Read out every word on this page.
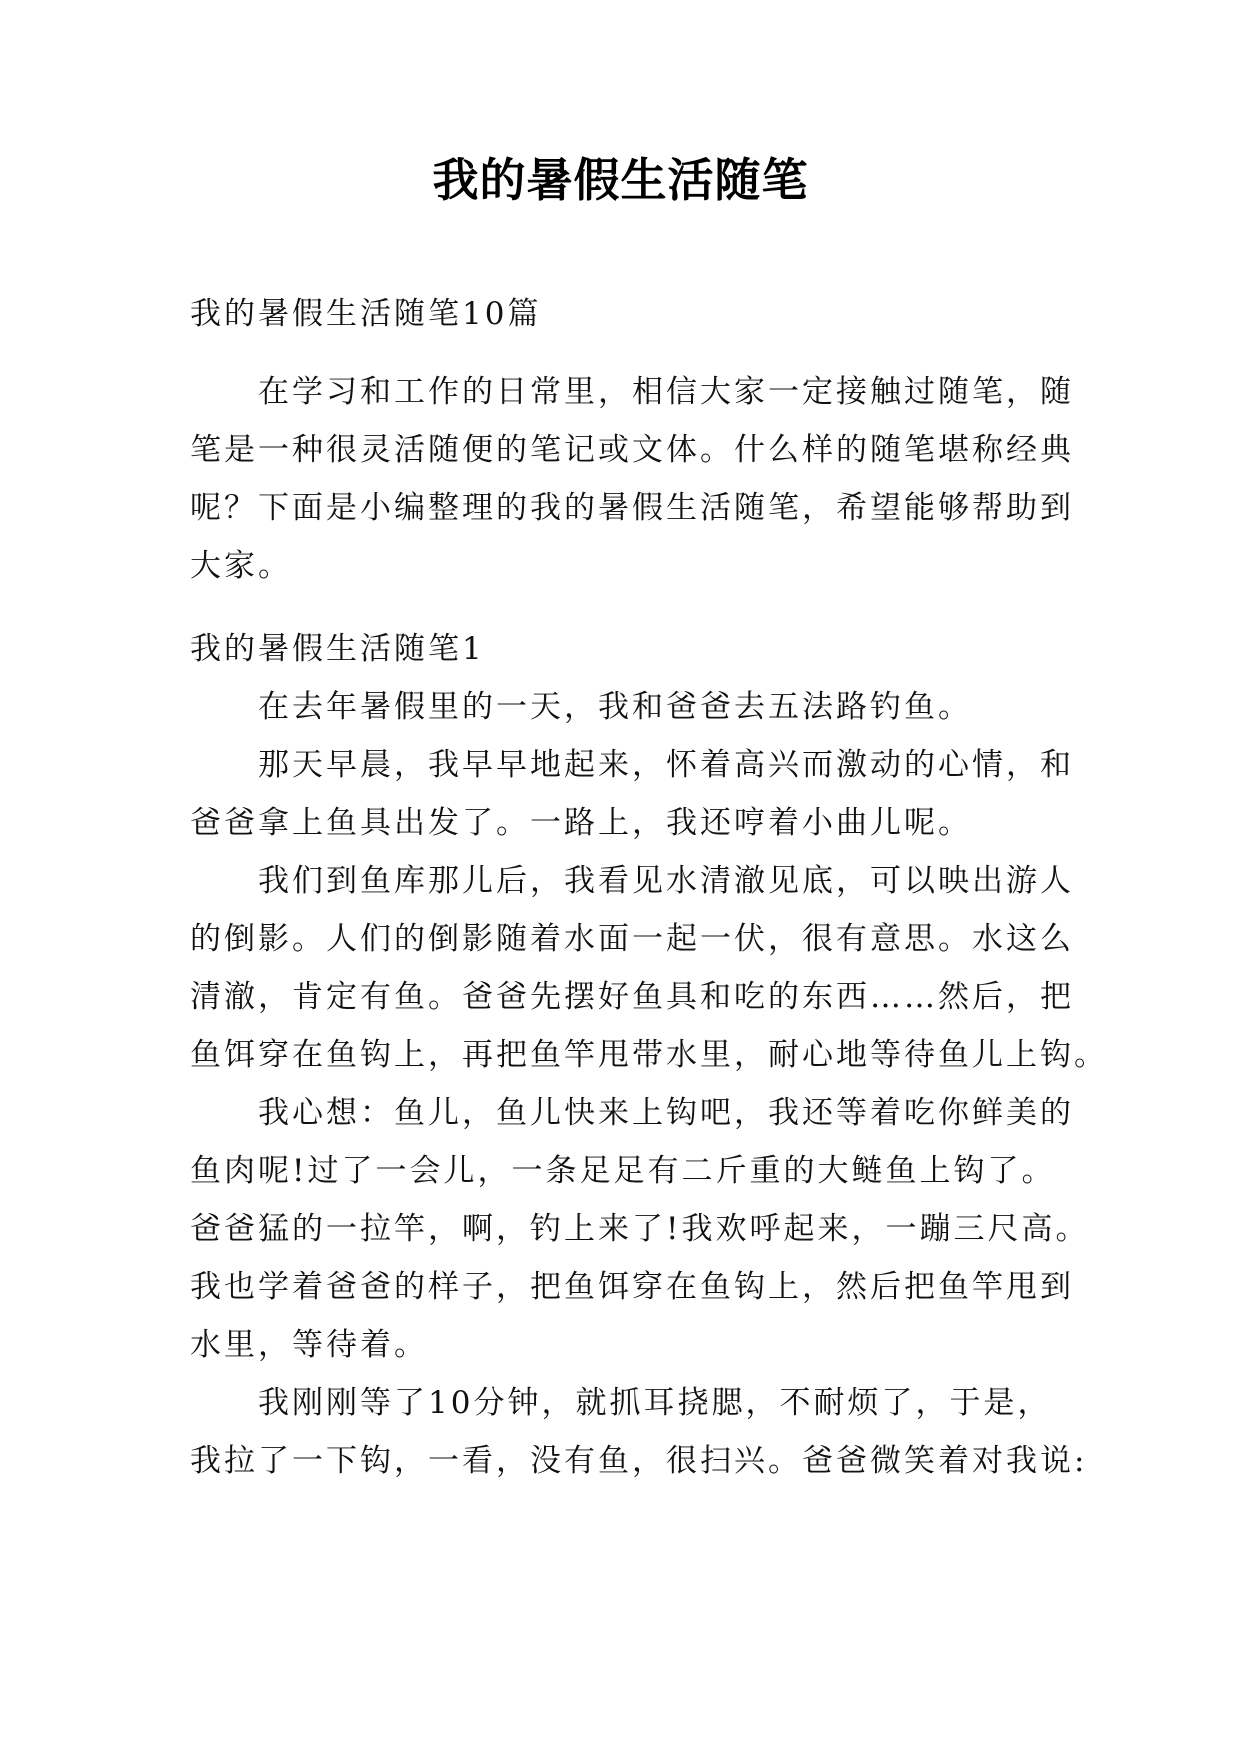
我的暑假生活随笔
我的暑假生活随笔10篇
在学习和工作的日常里，相信大家一定接触过随笔，随
笔是一种很灵活随便的笔记或文体。什么样的随笔堪称经典
呢？下面是小编整理的我的暑假生活随笔，希望能够帮助到
大家。
我的暑假生活随笔1
在去年暑假里的一天，我和爸爸去五法路钓鱼。
那天早晨，我早早地起来，怀着高兴而激动的心情，和
爸爸拿上鱼具出发了。一路上，我还哼着小曲儿呢。
我们到鱼库那儿后，我看见水清澈见底，可以映出游人
的倒影。人们的倒影随着水面一起一伏，很有意思。水这么
清澈，肯定有鱼。爸爸先摆好鱼具和吃的东西……然后，把
鱼饵穿在鱼钩上，再把鱼竿甩带水里，耐心地等待鱼儿上钩。
我心想：鱼儿，鱼儿快来上钩吧，我还等着吃你鲜美的
鱼肉呢!过了一会儿，一条足足有二斤重的大鲢鱼上钩了。
爸爸猛的一拉竿，啊，钓上来了!我欢呼起来，一蹦三尺高。
我也学着爸爸的样子，把鱼饵穿在鱼钩上，然后把鱼竿甩到
水里，等待着。
我刚刚等了10分钟，就抓耳挠腮，不耐烦了，于是，
我拉了一下钩，一看，没有鱼，很扫兴。爸爸微笑着对我说:
